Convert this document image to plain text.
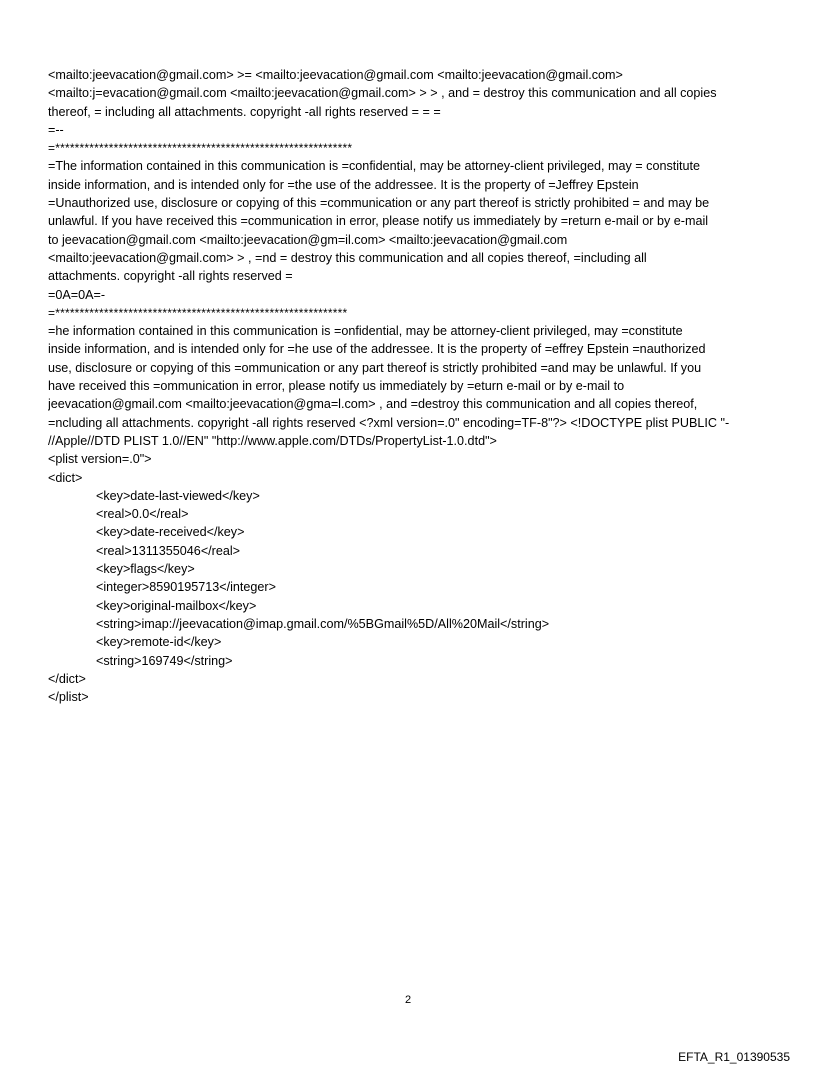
<mailto:jeevacation@gmail.com> >= <mailto:jeevacation@gmail.com <mailto:jeevacation@gmail.com>
<mailto:j=evacation@gmail.com <mailto:jeevacation@gmail.com> > > , and = destroy this communication and all copies
thereof, = including all attachments. copyright -all rights reserved = = =
=--
=*************************************************************
=The information contained in this communication is =confidential, may be attorney-client privileged, may = constitute
inside information, and is intended only for =the use of the addressee. It is the property of =Jeffrey Epstein
=Unauthorized use, disclosure or copying of this =communication or any part thereof is strictly prohibited = and may be
unlawful. If you have received this =communication in error, please notify us immediately by =return e-mail or by e-mail
to jeevacation@gmail.com <mailto:jeevacation@gm=il.com> <mailto:jeevacation@gmail.com
<mailto:jeevacation@gmail.com> > , =nd = destroy this communication and all copies thereof, =including all
attachments. copyright -all rights reserved =
=0A=0A=-
=************************************************************
=he information contained in this communication is =onfidential, may be attorney-client privileged, may =constitute
inside information, and is intended only for =he use of the addressee. It is the property of =effrey Epstein =nauthorized
use, disclosure or copying of this =ommunication or any part thereof is strictly prohibited =and may be unlawful. If you
have received this =ommunication in error, please notify us immediately by =eturn e-mail or by e-mail to
jeevacation@gmail.com <mailto:jeevacation@gma=l.com> , and =destroy this communication and all copies thereof,
=ncluding all attachments. copyright -all rights reserved <?xml version=.0" encoding=TF-8"?> <!DOCTYPE plist PUBLIC "-
//Apple//DTD PLIST 1.0//EN" "http://www.apple.com/DTDs/PropertyList-1.0.dtd">
<plist version=.0">
<dict>
<key>date-last-viewed</key>
<real>0.0</real>
<key>date-received</key>
<real>1311355046</real>
<key>flags</key>
<integer>8590195713</integer>
<key>original-mailbox</key>
<string>imap://jeevacation@imap.gmail.com/%5BGmail%5D/All%20Mail</string>
<key>remote-id</key>
<string>169749</string>
</dict>
</plist>
2
EFTA_R1_01390535
